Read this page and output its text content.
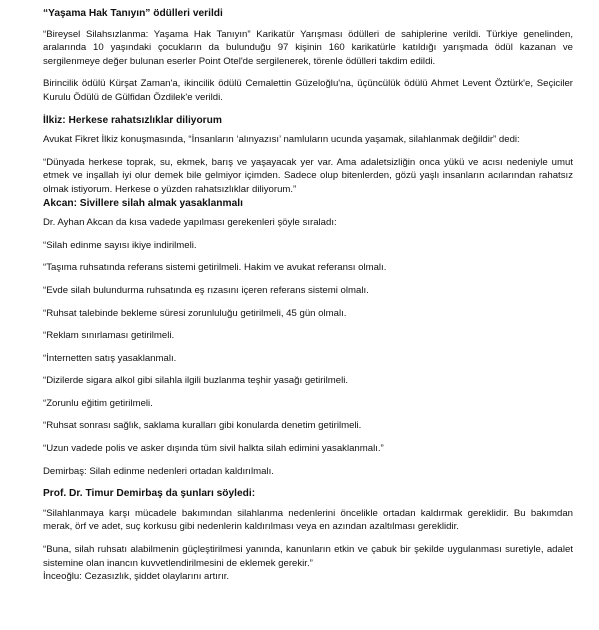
“Yaşama Hak Tanıyın” ödülleri verildi
“Bireysel Silahsızlanma: Yaşama Hak Tanıyın” Karikatür Yarışması ödülleri de sahiplerine verildi. Türkiye genelinden, aralarında 10 yaşındaki çocukların da bulunduğu 97 kişinin 160 karikatürle katıldığı yarışmada ödül kazanan ve sergilenmeye değer bulunan eserler Point Otel'de sergilenerek, törenle ödülleri takdim edildi.
Birincilik ödülü Kürşat Zaman'a, ikincilik ödülü Cemalettin Güzeloğlu'na, üçüncülük ödülü Ahmet Levent Öztürk'e, Seçiciler Kurulu Ödülü de Gülfidan Özdilek'e verildi.
İlkiz: Herkese rahatsızlıklar diliyorum
Avukat Fikret İlkiz konuşmasında, “İnsanların ‘alınyazısı’ namluların ucunda yaşamak, silahlanmak değildir” dedi:
“Dünyada herkese toprak, su, ekmek, barış ve yaşayacak yer var. Ama adaletsizliğin onca yükü ve acısı nedeniyle umut etmek ve inşallah iyi olur demek bile gelmiyor içimden. Sadece olup bitenlerden, gözü yaşlı insanların acılarından rahatsız olmak istiyorum. Herkese o yüzden rahatsızlıklar diliyorum.”
Akcan: Sivillere silah almak yasaklanmalı
Dr. Ayhan Akcan da kısa vadede yapılması gerekenleri şöyle sıraladı:
“Silah edinme sayısı ikiye indirilmeli.
“Taşıma ruhsatında referans sistemi getirilmeli. Hakim ve avukat referansı olmalı.
“Evde silah bulundurma ruhsatında eş rızasını içeren referans sistemi olmalı.
“Ruhsat talebinde bekleme süresi zorunluluğu getirilmeli, 45 gün olmalı.
“Reklam sınırlaması getirilmeli.
“İnternetten satış yasaklanmalı.
“Dizilerde sigara alkol gibi silahla ilgili buzlanma teşhir yasağı getirilmeli.
“Zorunlu eğitim getirilmeli.
“Ruhsat sonrası sağlık, saklama kuralları gibi konularda denetim getirilmeli.
“Uzun vadede polis ve asker dışında tüm sivil halkta silah edimini yasaklanmalı.”
Demirbaş: Silah edinme nedenleri ortadan kaldırılmalı.
Prof. Dr. Timur Demirbaş da şunları söyledi:
“Silahlanmaya karşı mücadele bakımından silahlanma nedenlerini öncelikle ortadan kaldırmak gereklidir. Bu bakımdan merak, örf ve adet, suç korkusu gibi nedenlerin kaldırılması veya en azından azaltılması gereklidir.
“Buna, silah ruhsatı alabilmenin güçleştirilmesi yanında, kanunların etkin ve çabuk bir şekilde uygulanması suretiyle, adalet sistemine olan inancın kuvvetlendirilmesini de eklemek gerekir.”
İnceoğlu: Cezasızlık, şiddet olaylarını artırır.
